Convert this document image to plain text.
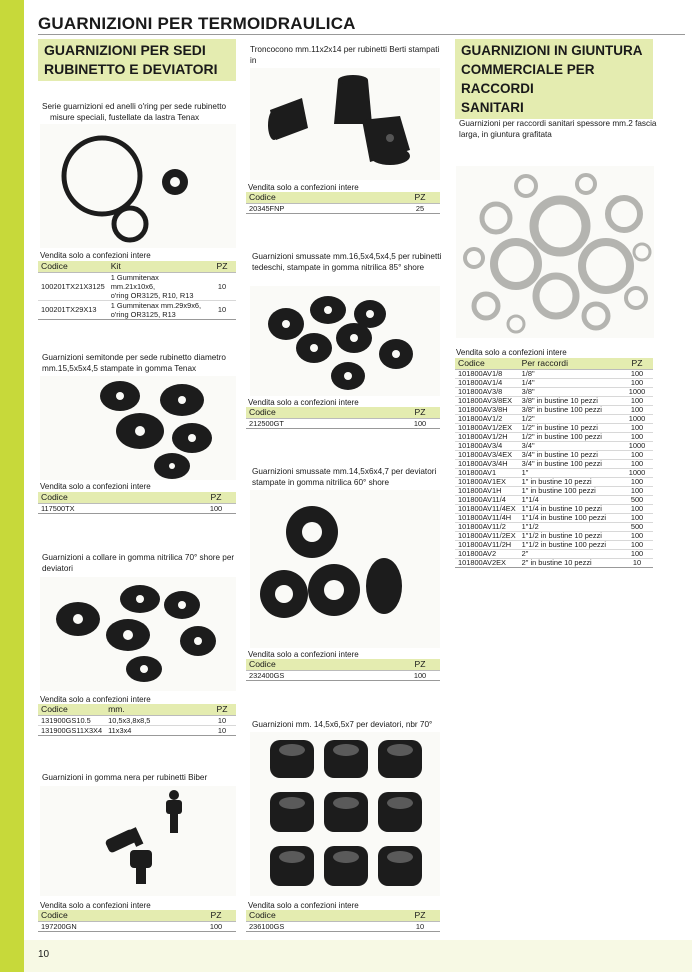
10
GUARNIZIONI PER TERMOIDRAULICA
GUARNIZIONI PER SEDI
RUBINETTO E DEVIATORI
Serie guarnizioni ed anelli o'ring per sede rubinetto
misure speciali, fustellate da lastra Tenax
Vendita solo a confezioni intere
Codice	Kit	PZ
100201TX21X3125	1 Gummitenax mm.21x10x6,
o'ring OR3125, R10, R13	10
100201TX29X13	1 Gummitenax mm.29x9x6,
o'ring OR3125, R13	10
Guarnizioni semitonde per sede rubinetto diametro
mm.15,5x5x4,5 stampate in gomma Tenax
Vendita solo a confezioni intere
Codice	PZ
117500TX	100
Guarnizioni a collare in gomma nitrilica 70° shore per
deviatori
Vendita solo a confezioni intere
Codice	mm.	PZ
131900GS10.5	10,5x3,8x8,5	10
131900GS11X3X4	11x3x4	10
Guarnizioni in gomma nera per rubinetti Biber
Vendita solo a confezioni intere
Codice	PZ
197200GN	100
Troncocono mm.11x2x14 per rubinetti Berti stampati in
Vendita solo a confezioni intere
Codice	PZ
20345FNP	25
Guarnizioni smussate mm.16,5x4,5x4,5 per rubinetti
tedeschi, stampate in gomma nitrilica 85° shore
Vendita solo a confezioni intere
Codice	PZ
212500GT	100
Guarnizioni smussate mm.14,5x6x4,7 per deviatori
stampate in gomma nitrilica 60° shore
Vendita solo a confezioni intere
Codice	PZ
232400GS	100
Guarnizioni mm. 14,5x6,5x7 per deviatori, nbr 70°
Vendita solo a confezioni intere
Codice	PZ
236100GS	10
GUARNIZIONI IN GIUNTURA
COMMERCIALE PER RACCORDI
SANITARI
Guarnizioni per raccordi sanitari spessore mm.2 fascia
larga, in giuntura grafitata
Vendita solo a confezioni intere
Codice	Per raccordi	PZ
101800AV1/8	1/8"	100
101800AV1/4	1/4"	100
101800AV3/8	3/8"	1000
101800AV3/8EX	3/8" in bustine 10 pezzi	100
101800AV3/8H	3/8" in bustine 100 pezzi	100
101800AV1/2	1/2"	1000
101800AV1/2EX	1/2" in bustine 10 pezzi	100
101800AV1/2H	1/2" in bustine 100 pezzi	100
101800AV3/4	3/4"	1000
101800AV3/4EX	3/4" in bustine 10 pezzi	100
101800AV3/4H	3/4" in bustine 100 pezzi	100
101800AV1	1"	1000
101800AV1EX	1" in bustine 10 pezzi	100
101800AV1H	1" in bustine 100 pezzi	100
101800AV11/4	1"1/4	500
101800AV11/4EX	1"1/4 in bustine 10 pezzi	100
101800AV11/4H	1"1/4 in bustine 100 pezzi	100
101800AV11/2	1"1/2	500
101800AV11/2EX	1"1/2 in bustine 10 pezzi	100
101800AV11/2H	1"1/2 in bustine 100 pezzi	100
101800AV2	2"	100
101800AV2EX	2" in bustine 10 pezzi	10
